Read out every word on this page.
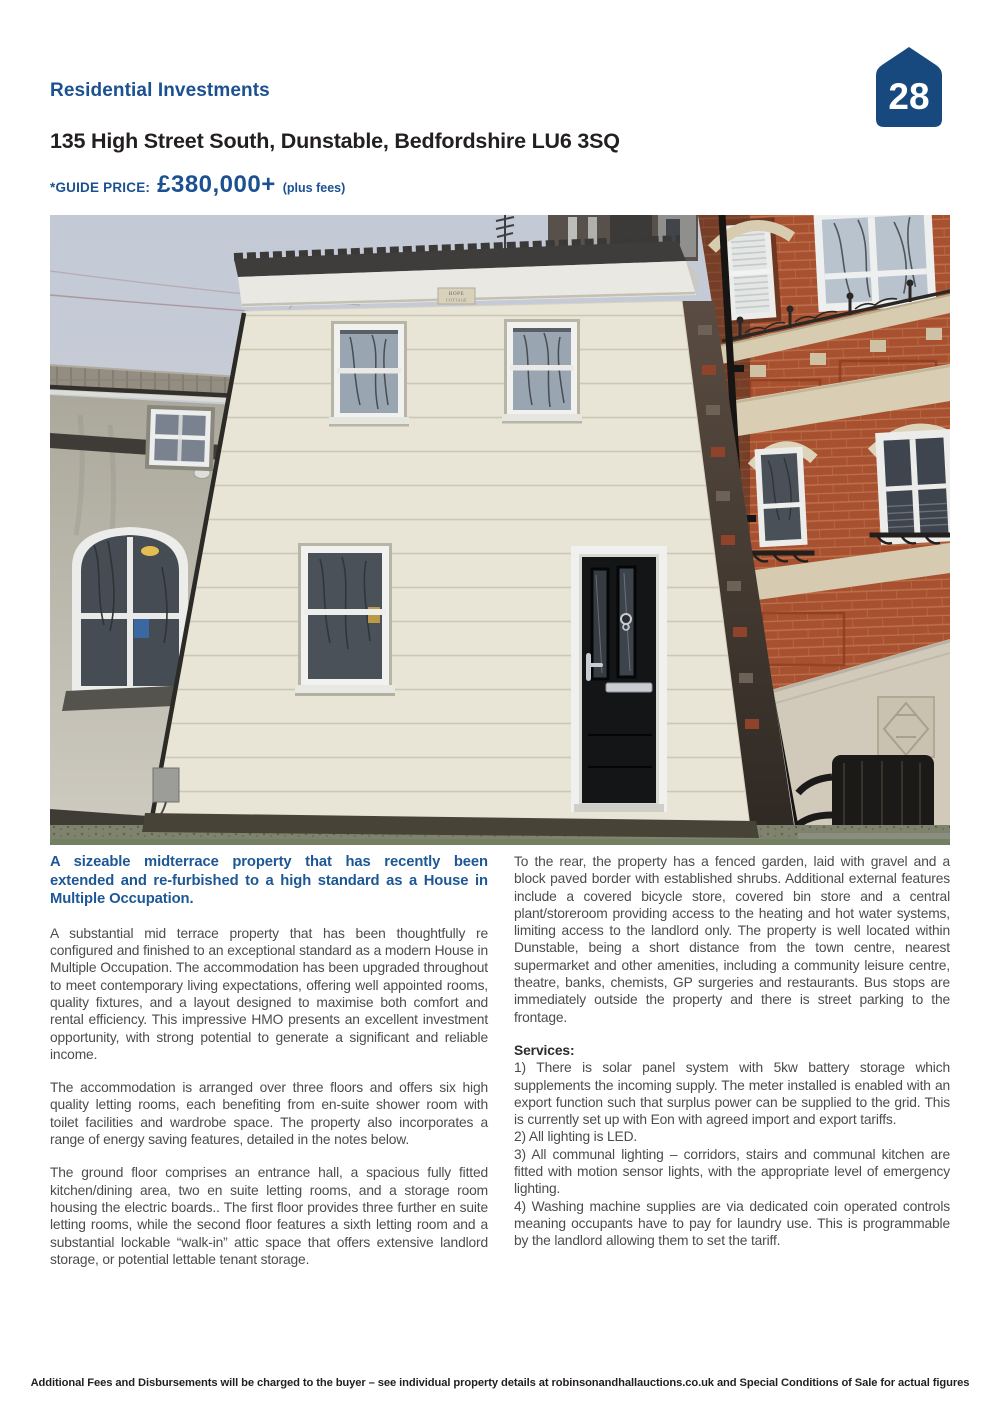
Residential Investments	28
135 High Street South, Dunstable, Bedfordshire LU6 3SQ
*GUIDE PRICE: £380,000+ (plus fees)
HOPE
COTTAGE

A sizeable midterrace property that has recently been extended and re-furbished to a high standard as a House in Multiple Occupation.

A substantial mid terrace property that has been thoughtfully re configured and finished to an exceptional standard as a modern House in Multiple Occupation. The accommodation has been upgraded throughout to meet contemporary living expectations, offering well appointed rooms, quality fixtures, and a layout designed to maximise both comfort and rental efficiency. This impressive HMO presents an excellent investment opportunity, with strong potential to generate a significant and reliable income.

The accommodation is arranged over three floors and offers six high quality letting rooms, each benefiting from en-suite shower room with toilet facilities and wardrobe space. The property also incorporates a range of energy saving features, detailed in the notes below.

The ground floor comprises an entrance hall, a spacious fully fitted kitchen/dining area, two en suite letting rooms, and a storage room housing the electric boards.. The first floor provides three further en suite letting rooms, while the second floor features a sixth letting room and a substantial lockable “walk-in” attic space that offers extensive landlord storage, or potential lettable tenant storage.

To the rear, the property has a fenced garden, laid with gravel and a block paved border with established shrubs. Additional external features include a covered bicycle store, covered bin store and a central plant/storeroom providing access to the heating and hot water systems, limiting access to the landlord only. The property is well located within Dunstable, being a short distance from the town centre, nearest supermarket and other amenities, including a community leisure centre, theatre, banks, chemists, GP surgeries and restaurants. Bus stops are immediately outside the property and there is street parking to the frontage.

Services:

1) There is solar panel system with 5kw battery storage which supplements the incoming supply. The meter installed is enabled with an export function such that surplus power can be supplied to the grid. This is currently set up with Eon with agreed import and export tariffs.

2) All lighting is LED.

3) All communal lighting – corridors, stairs and communal kitchen are fitted with motion sensor lights, with the appropriate level of emergency lighting.

4) Washing machine supplies are via dedicated coin operated controls meaning occupants have to pay for laundry use. This is programmable by the landlord allowing them to set the tariff.

Additional Fees and Disbursements will be charged to the buyer – see individual property details at robinsonandhallauctions.co.uk and Special Conditions of Sale for actual figures
